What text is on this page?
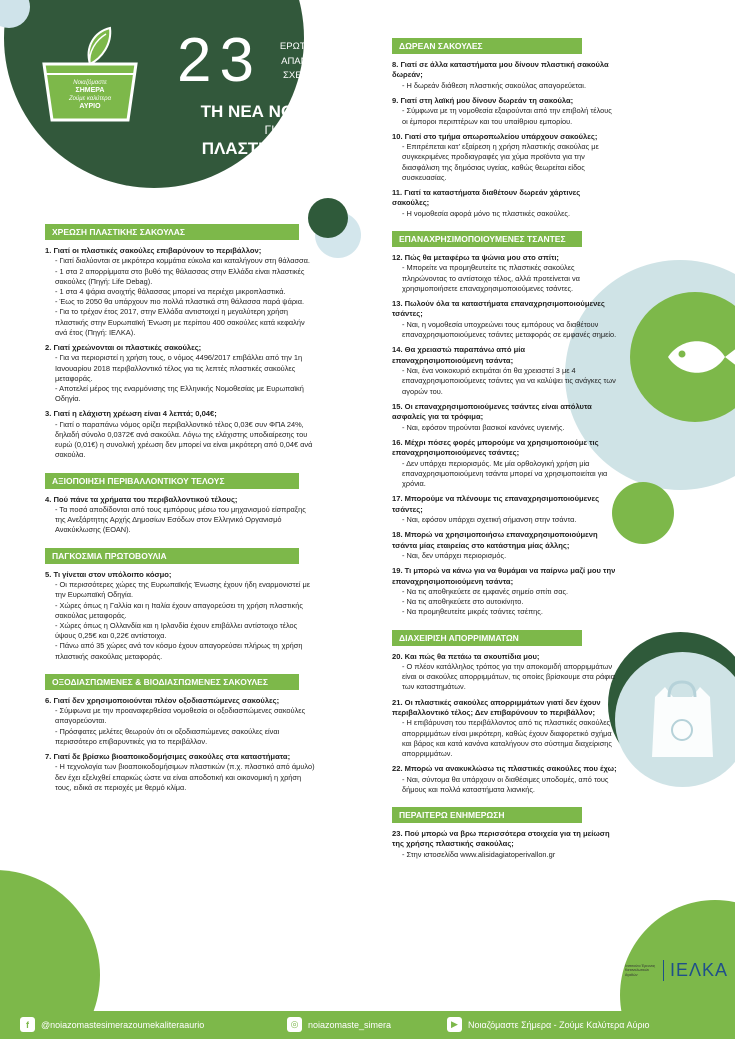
Νοιαζόμαστε
ΣΗΜΕΡΑ
Ζούμε καλύτερα
ΑΥΡΙΟ
23 ΕΡΩΤΗΣΕΙΣ & ΑΠΑΝΤΗΣΕΙΣ ΣΧΕΤΙΚΑ ΜΕ
ΤΗ ΝΕΑ ΝΟΜΟΘΕΣΙΑ
ΓΙΑ ΤΗΝ
ΠΛΑΣΤΙΚΗ ΣΑΚΟΥΛΑ
ΧΡΕΩΣΗ ΠΛΑΣΤΙΚΗΣ ΣΑΚΟΥΛΑΣ
1. Γιατί οι πλαστικές σακούλες επιβαρύνουν το περιβάλλον;
- Γιατί διαλύονται σε μικρότερα κομμάτια εύκολα και καταλήγουν στη θάλασσα.
- 1 στα 2 απορρίμματα στο βυθό της θάλασσας στην Ελλάδα είναι πλαστικές σακούλες (Πηγή: Life Debag).
- 1 στα 4 ψάρια ανοιχτής θάλασσας μπορεί να περιέχει μικροπλαστικά.
- Έως το 2050 θα υπάρχουν πιο πολλά πλαστικά στη θάλασσα παρά ψάρια.
- Για το τρέχον έτος 2017, στην Ελλάδα αντιστοιχεί η μεγαλύτερη χρήση πλαστικής στην Ευρωπαϊκή Ένωση με περίπου 400 σακούλες κατά κεφαλήν ανά έτος (Πηγή: ΙΕΛΚΑ).
2. Γιατί χρεώνονται οι πλαστικές σακούλες;
- Για να περιοριστεί η χρήση τους, ο νόμος 4496/2017 επιβάλλει από την 1η Ιανουαρίου 2018 περιβαλλοντικό τέλος για τις λεπτές πλαστικές σακούλες μεταφοράς.
- Αποτελεί μέρος της εναρμόνισης της Ελληνικής Νομοθεσίας με Ευρωπαϊκή Οδηγία.
3. Γιατί η ελάχιστη χρέωση είναι 4 λεπτά; 0,04€;
- Γιατί ο παραπάνω νόμος ορίζει περιβαλλοντικό τέλος 0,03€ συν ΦΠΑ 24%, δηλαδή σύνολο 0,0372€ ανά σακούλα. Λόγω της ελάχιστης υποδιαίρεσης του ευρώ (0,01€) η συνολική χρέωση δεν μπορεί να είναι μικρότερη από 0,04€ ανά σακούλα.
ΑΞΙΟΠΟΙΗΣΗ ΠΕΡΙΒΑΛΛΟΝΤΙΚΟΥ ΤΕΛΟΥΣ
4. Πού πάνε τα χρήματα του περιβαλλοντικού τέλους;
- Τα ποσά αποδίδονται από τους εμπόρους μέσω του μηχανισμού είσπραξης της Ανεξάρτητης Αρχής Δημοσίων Εσόδων στον Ελληνικό Οργανισμό Ανακύκλωσης (ΕΟΑΝ).
ΠΑΓΚΟΣΜΙΑ ΠΡΩΤΟΒΟΥΛΙΑ
5. Τι γίνεται στον υπόλοιπο κόσμο;
- Οι περισσότερες χώρες της Ευρωπαϊκής Ένωσης έχουν ήδη εναρμονιστεί με την Ευρωπαϊκή Οδηγία.
- Χώρες όπως η Γαλλία και η Ιταλία έχουν απαγορεύσει τη χρήση πλαστικής σακούλας μεταφοράς.
- Χώρες όπως η Ολλανδία και η Ιρλανδία έχουν επιβάλλει αντίστοιχο τέλος ύψους 0,25€ και 0,22€ αντίστοιχα.
- Πάνω από 35 χώρες ανά τον κόσμο έχουν απαγορεύσει πλήρως τη χρήση πλαστικής σακούλας μεταφοράς.
ΟΞΟΔΙΑΣΠΩΜΕΝΕΣ & ΒΙΟΔΙΑΣΠΩΜΕΝΕΣ ΣΑΚΟΥΛΕΣ
6. Γιατί δεν χρησιμοποιούνται πλέον οξοδιασπώμενες σακούλες;
- Σύμφωνα με την προαναφερθείσα νομοθεσία οι οξοδιασπώμενες σακούλες απαγορεύονται.
- Πρόσφατες μελέτες θεωρούν ότι οι οξοδιασπώμενες σακούλες είναι περισσότερο επιβαρυντικές για το περιβάλλον.
7. Γιατί δε βρίσκω βιοαποικοδομήσιμες σακούλες στα καταστήματα;
- Η τεχνολογία των βιοαποικοδομήσιμων πλαστικών (π.χ. πλαστικό από άμυλο) δεν έχει εξελιχθεί επαρκώς ώστε να είναι αποδοτική και οικονομική η χρήση τους, ειδικά σε περιοχές με θερμό κλίμα.
ΔΩΡΕΑΝ ΣΑΚΟΥΛΕΣ
8. Γιατί σε άλλα καταστήματα μου δίνουν πλαστική σακούλα δωρεάν;
- Η δωρεάν διάθεση πλαστικής σακούλας απαγορεύεται.
9. Γιατί στη λαϊκή μου δίνουν δωρεάν τη σακούλα;
- Σύμφωνα με τη νομοθεσία εξαιρούνται από την επιβολή τέλους οι έμποροι περιπτέρων και του υπαίθριου εμπορίου.
10. Γιατί στο τμήμα οπωροπωλείου υπάρχουν σακούλες;
- Επιτρέπεται κατ' εξαίρεση η χρήση πλαστικής σακούλας με συγκεκριμένες προδιαγραφές για χύμα προϊόντα για την διασφάλιση της δημόσιας υγείας, καθώς θεωρείται είδος συσκευασίας.
11. Γιατί τα καταστήματα διαθέτουν δωρεάν χάρτινες σακούλες;
- Η νομοθεσία αφορά μόνο τις πλαστικές σακούλες.
ΕΠΑΝΑΧΡΗΣΙΜΟΠΟΙΟΥΜΕΝΕΣ ΤΣΑΝΤΕΣ
12. Πώς θα μεταφέρω τα ψώνια μου στο σπίτι;
- Μπορείτε να προμηθευτείτε τις πλαστικές σακούλες πληρώνοντας το αντίστοιχο τέλος, αλλά προτείνεται να χρησιμοποιήσετε επαναχρησιμοποιούμενες τσάντες.
13. Πωλούν όλα τα καταστήματα επαναχρησιμοποιούμενες τσάντες;
- Ναι, η νομοθεσία υποχρεώνει τους εμπόρους να διαθέτουν επαναχρησιμοποιούμενες τσάντες μεταφοράς σε εμφανές σημείο.
14. Θα χρειαστώ παραπάνω από μία επαναχρησιμοποιούμενη τσάντα;
- Ναι, ένα νοικοκυριό εκτιμάται ότι θα χρειαστεί 3 με 4 επαναχρησιμοποιούμενες τσάντες για να καλύψει τις ανάγκες των αγορών του.
15. Οι επαναχρησιμοποιούμενες τσάντες είναι απόλυτα ασφαλείς για τα τρόφιμα;
- Ναι, εφόσον τηρούνται βασικοί κανόνες υγιεινής.
16. Μέχρι πόσες φορές μπορούμε να χρησιμοποιούμε τις επαναχρησιμοποιούμενες τσάντες;
- Δεν υπάρχει περιορισμός. Με μία ορθολογική χρήση μία επαναχρησιμοποιούμενη τσάντα μπορεί να χρησιμοποιείται για χρόνια.
17. Μπορούμε να πλένουμε τις επαναχρησιμοποιούμενες τσάντες;
- Ναι, εφόσον υπάρχει σχετική σήμανση στην τσάντα.
18. Μπορώ να χρησιμοποιήσω επαναχρησιμοποιούμενη τσάντα μίας εταιρείας στο κατάστημα μίας άλλης;
- Ναι, δεν υπάρχει περιορισμός.
19. Τι μπορώ να κάνω για να θυμάμαι να παίρνω μαζί μου την επαναχρησιμοποιούμενη τσάντα;
- Να τις αποθηκεύετε σε εμφανές σημείο σπίτι σας.
- Να τις αποθηκεύετε στο αυτοκίνητο.
- Να προμηθευτείτε μικρές τσάντες τσέπης.
ΔΙΑΧΕΙΡΙΣΗ ΑΠΟΡΡΙΜΜΑΤΩΝ
20. Και πώς θα πετάω τα σκουπίδια μου;
- Ο πλέον κατάλληλος τρόπος για την αποκομιδή απορριμμάτων είναι οι σακούλες απορριμμάτων, τις οποίες βρίσκουμε στα ράφια των καταστημάτων.
21. Οι πλαστικές σακούλες απορριμμάτων γιατί δεν έχουν περιβαλλοντικό τέλος; Δεν επιβαρύνουν το περιβάλλον;
- Η επιβάρυνση του περιβάλλοντος από τις πλαστικές σακούλες απορριμμάτων είναι μικρότερη, καθώς έχουν διαφορετικό σχήμα και βάρος και κατά κανόνα καταλήγουν στο σύστημα διαχείρισης απορριμμάτων.
22. Μπορώ να ανακυκλώσω τις πλαστικές σακούλες που έχω;
- Ναι, σύντομα θα υπάρχουν οι διαθέσιμες υποδομές, από τους δήμους και πολλά καταστήματα λιανικής.
ΠΕΡΑΙΤΕΡΩ ΕΝΗΜΕΡΩΣΗ
23. Πού μπορώ να βρω περισσότερα στοιχεία για τη μείωση της χρήσης πλαστικής σακούλας;
- Στην ιστοσελίδα www.alisidagiatoperivallon.gr
Ινστιτούτο Έρευνας Καταναλωτικών Αγαθών	ΙΕΛΚΑ
f	@noiazomastesimerazoumekaliteraaurio	◎	noiazomaste_simera	▶	Νοιαζόμαστε Σήμερα - Ζούμε Καλύτερα Αύριο
